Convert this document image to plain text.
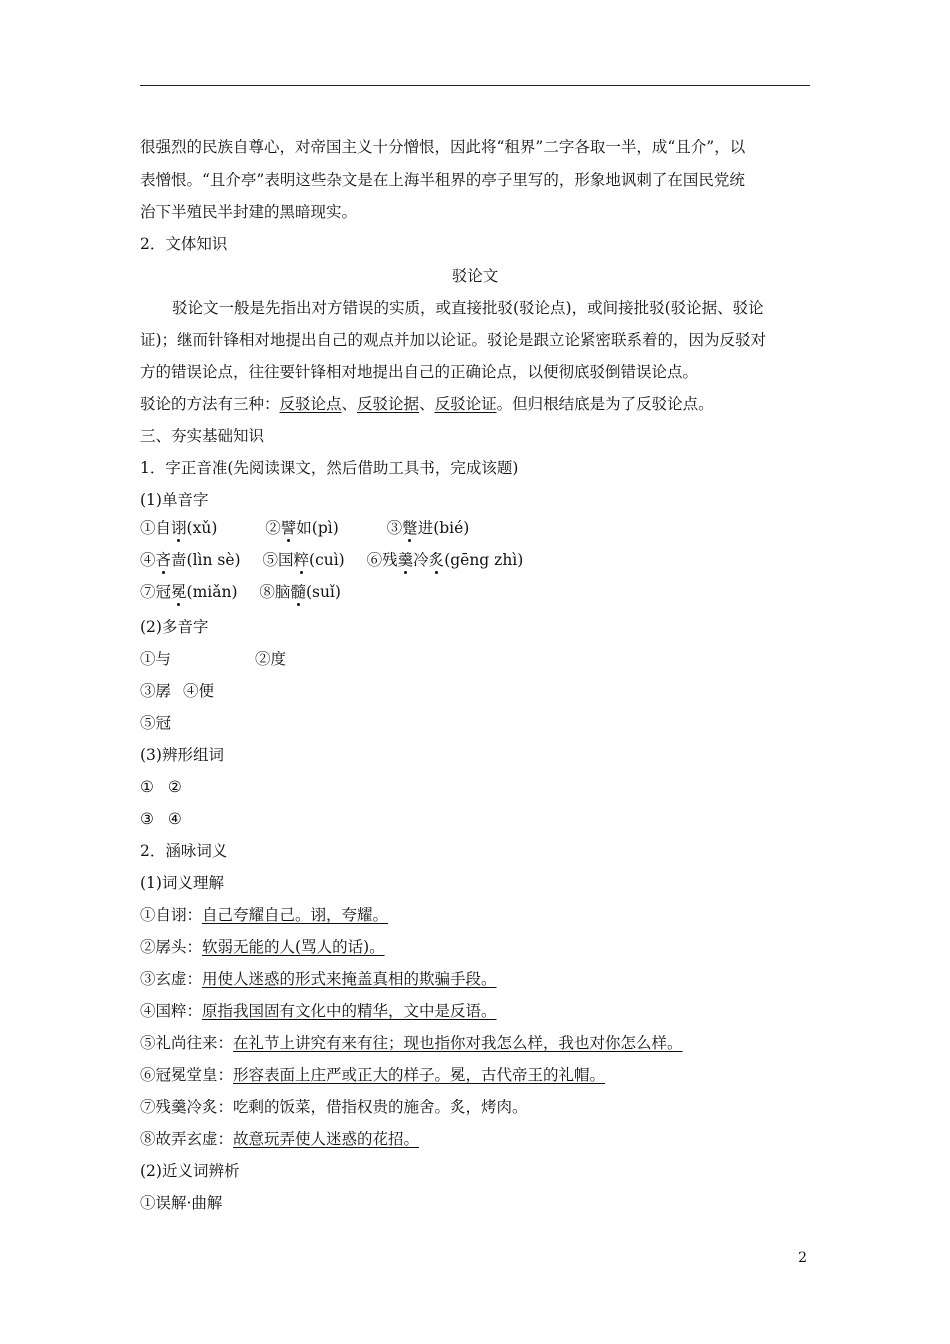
很强烈的民族自尊心，对帝国主义十分憎恨，因此将“租界”二字各取一半，成“且介”，以
表憎恨。“且介亭”表明这些杂文是在上海半租界的亭子里写的，形象地讽刺了在国民党统
治下半殖民半封建的黑暗现实。
2．文体知识
驳论文
驳论文一般是先指出对方错误的实质，或直接批驳(驳论点)，或间接批驳(驳论据、驳论
证)；继而针锋相对地提出自己的观点并加以论证。驳论是跟立论紧密联系着的，因为反驳对
方的错误论点，往往要针锋相对地提出自己的正确论点，以便彻底驳倒错误论点。
驳论的方法有三种：反驳论点、反驳论据、反驳论证。但归根结底是为了反驳论点。
三、夯实基础知识
1．字正音准(先阅读课文，然后借助工具书，完成该题)
(1)单音字
①自诩(xǔ)	②譬如(pì)	③蹩进(bié)
④吝啬(lìn sè) ⑤国粹(cuì) ⑥残羹冷炙(gēng zhì)
⑦冠冕(miǎn) ⑧脑髓(suǐ)
(2)多音字
①与	②度
③孱 ④便
⑤冠
(3)辨形组词
① ②
③ ④
2．涵咏词义
(1)词义理解
①自诩：自己夸耀自己。诩，夸耀。
②孱头：软弱无能的人(骂人的话)。
③玄虚：用使人迷惑的形式来掩盖真相的欺骗手段。
④国粹：原指我国固有文化中的精华，文中是反语。
⑤礼尚往来：在礼节上讲究有来有往；现也指你对我怎么样，我也对你怎么样。
⑥冠冕堂皇：形容表面上庄严或正大的样子。冕，古代帝王的礼帽。
⑦残羹冷炙：吃剩的饭菜，借指权贵的施舍。炙，烤肉。
⑧故弄玄虚：故意玩弄使人迷惑的花招。
(2)近义词辨析
①误解·曲解
2
